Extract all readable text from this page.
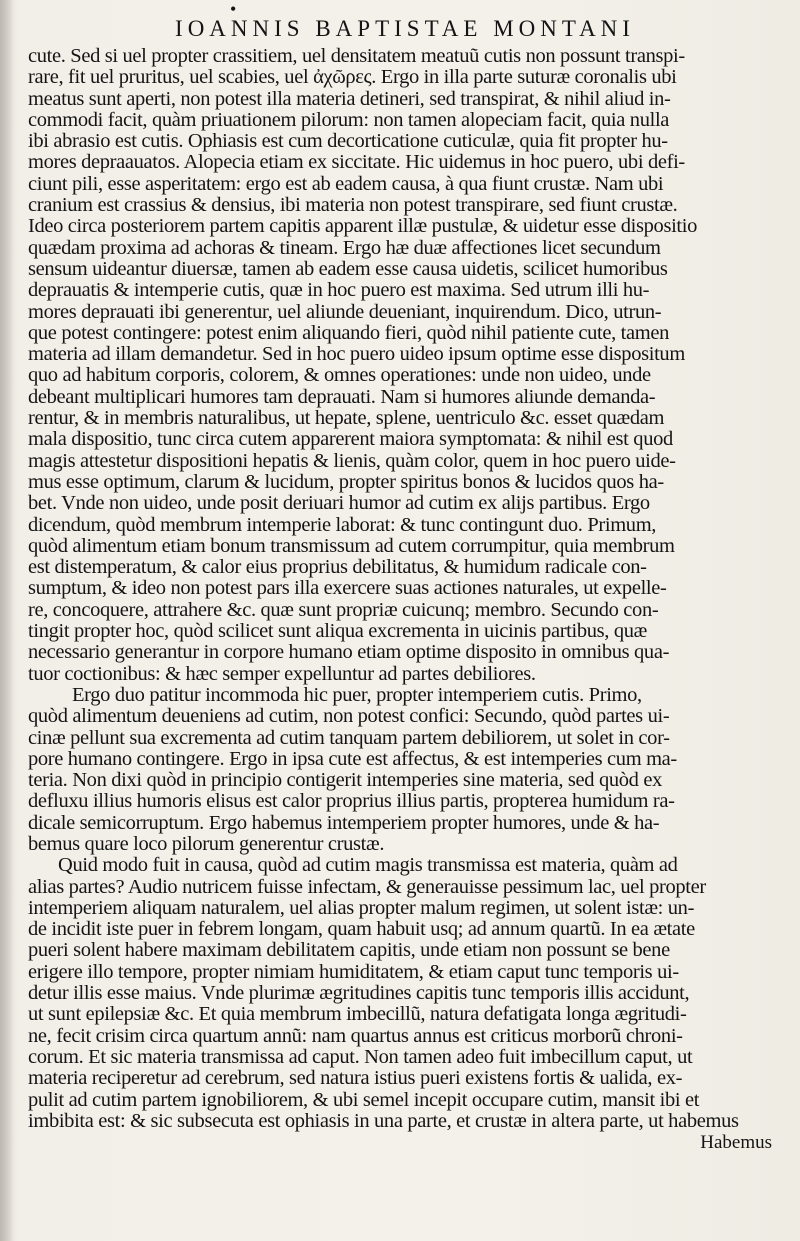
•
IOANNIS BAPTISTAE MONTANI
cute. Sed si uel propter crassitiem, uel densitatem meatuũ cutis non possunt transpi-
rare, fit uel pruritus, uel scabies, uel ἀχῶρες. Ergo in illa parte suturæ coronalis ubi
meatus sunt aperti, non potest illa materia detineri, sed transpirat, & nihil aliud in-
commodi facit, quàm priuationem pilorum: non tamen alopeciam facit, quia nulla
ibi abrasio est cutis. Ophiasis est cum decorticatione cuticulæ, quia fit propter hu-
mores depraauatos. Alopecia etiam ex siccitate. Hic uidemus in hoc puero, ubi defi-
ciunt pili, esse asperitatem: ergo est ab eadem causa, à qua fiunt crustæ. Nam ubi
cranium est crassius & densius, ibi materia non potest transpirare, sed fiunt crustæ.
Ideo circa posteriorem partem capitis apparent illæ pustulæ, & uidetur esse dispositio
quædam proxima ad achoras & tineam. Ergo hæ duæ affectiones licet secundum
sensum uideantur diuersæ, tamen ab eadem esse causa uidetis, scilicet humoribus
deprauatis & intemperie cutis, quæ in hoc puero est maxima. Sed utrum illi hu-
mores deprauati ibi generentur, uel aliunde deueniant, inquirendum. Dico, utrun-
que potest contingere: potest enim aliquando fieri, quòd nihil patiente cute, tamen
materia ad illam demandetur. Sed in hoc puero uideo ipsum optime esse dispositum
quo ad habitum corporis, colorem, & omnes operationes: unde non uideo, unde
debeant multiplicari humores tam deprauati. Nam si humores aliunde demanda-
rentur, & in membris naturalibus, ut hepate, splene, uentriculo &c. esset quædam
mala dispositio, tunc circa cutem apparerent maiora symptomata: & nihil est quod
magis attestetur dispositioni hepatis & lienis, quàm color, quem in hoc puero uide-
mus esse optimum, clarum & lucidum, propter spiritus bonos & lucidos quos ha-
bet. Vnde non uideo, unde posit deriuari humor ad cutim ex alijs partibus. Ergo
dicendum, quòd membrum intemperie laborat: & tunc contingunt duo. Primum,
quòd alimentum etiam bonum transmissum ad cutem corrumpitur, quia membrum
est distemperatum, & calor eius proprius debilitatus, & humidum radicale con-
sumptum, & ideo non potest pars illa exercere suas actiones naturales, ut expelle-
re, concoquere, attrahere &c. quæ sunt propriæ cuicunq; membro. Secundo con-
tingit propter hoc, quòd scilicet sunt aliqua excrementa in uicinis partibus, quæ
necessario generantur in corpore humano etiam optime disposito in omnibus qua-
tuor coctionibus: & hæc semper expelluntur ad partes debiliores.
Ergo duo patitur incommoda hic puer, propter intemperiem cutis. Primo,
quòd alimentum deueniens ad cutim, non potest confici: Secundo, quòd partes ui-
cinæ pellunt sua excrementa ad cutim tanquam partem debiliorem, ut solet in cor-
pore humano contingere. Ergo in ipsa cute est affectus, & est intemperies cum ma-
teria. Non dixi quòd in principio contigerit intemperies sine materia, sed quòd ex
defluxu illius humoris elisus est calor proprius illius partis, propterea humidum ra-
dicale semicorruptum. Ergo habemus intemperiem propter humores, unde & ha-
bemus quare loco pilorum generentur crustæ.
Quid modo fuit in causa, quòd ad cutim magis transmissa est materia, quàm ad
alias partes? Audio nutricem fuisse infectam, & generauisse pessimum lac, uel propter
intemperiem aliquam naturalem, uel alias propter malum regimen, ut solent istæ: un-
de incidit iste puer in febrem longam, quam habuit usq; ad annum quartũ. In ea ætate
pueri solent habere maximam debilitatem capitis, unde etiam non possunt se bene
erigere illo tempore, propter nimiam humiditatem, & etiam caput tunc temporis ui-
detur illis esse maius. Vnde plurimæ ægritudines capitis tunc temporis illis accidunt,
ut sunt epilepsiæ &c. Et quia membrum imbecillũ, natura defatigata longa ægritudi-
ne, fecit crisim circa quartum annũ: nam quartus annus est criticus morborũ chroni-
corum. Et sic materia transmissa ad caput. Non tamen adeo fuit imbecillum caput, ut
materia reciperetur ad cerebrum, sed natura istius pueri existens fortis & ualida, ex-
pulit ad cutim partem ignobiliorem, & ubi semel incepit occupare cutim, mansit ibi et
imbibita est: & sic subsecuta est ophiasis in una parte, et crustæ in altera parte, ut habemus
Habemus
